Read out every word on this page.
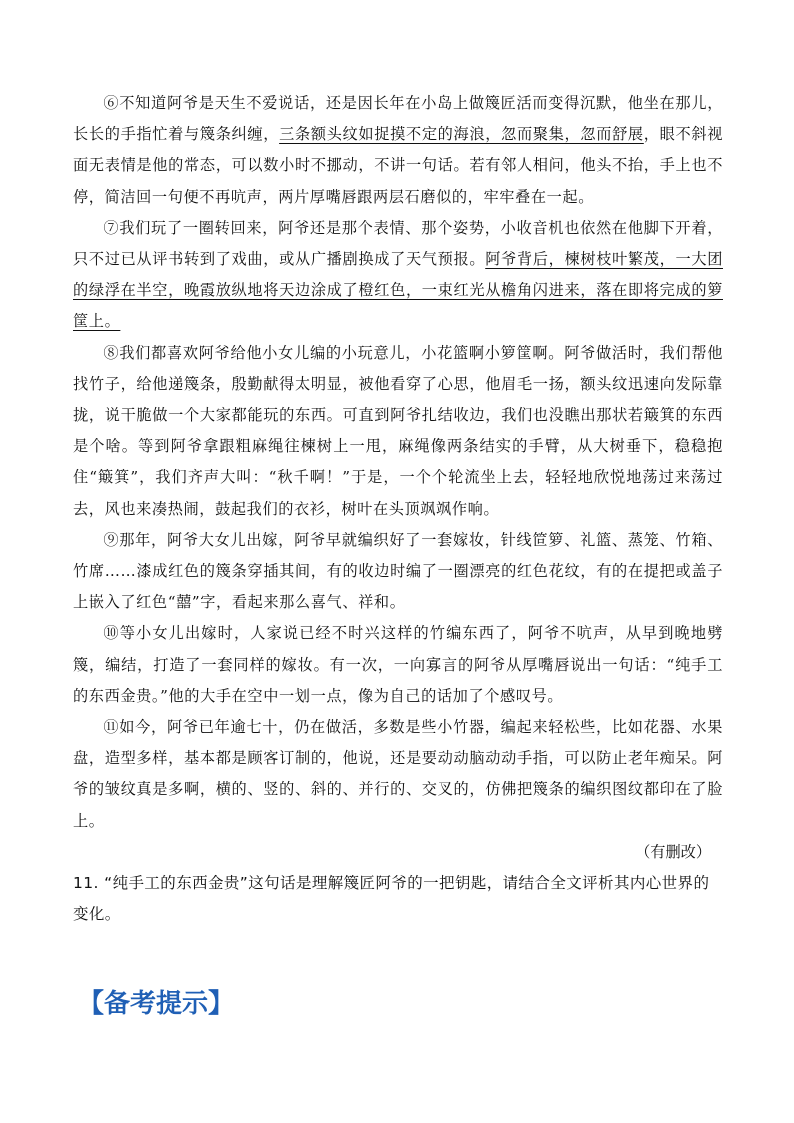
⑥不知道阿爷是天生不爱说话，还是因长年在小岛上做篾匠活而变得沉默，他坐在那儿，长长的手指忙着与篾条纠缠，三条额头纹如捉摸不定的海浪，忽而聚集，忽而舒展，眼不斜视面无表情是他的常态，可以数小时不挪动，不讲一句话。若有邻人相问，他头不抬，手上也不停，简洁回一句便不再吭声，两片厚嘴唇跟两层石磨似的，牢牢叠在一起。

⑦我们玩了一圈转回来，阿爷还是那个表情、那个姿势，小收音机也依然在他脚下开着，只不过已从评书转到了戏曲，或从广播剧换成了天气预报。阿爷背后，楝树枝叶繁茂，一大团的绿浮在半空，晚霞放纵地将天边涂成了橙红色，一束红光从檐角闪进来，落在即将完成的箩筐上。

⑧我们都喜欢阿爷给他小女儿编的小玩意儿，小花篮啊小箩筐啊。阿爷做活时，我们帮他找竹子，给他递篾条，殷勤献得太明显，被他看穿了心思，他眉毛一扬，额头纹迅速向发际靠拢，说干脆做一个大家都能玩的东西。可直到阿爷扎结收边，我们也没瞧出那状若簸箕的东西是个啥。等到阿爷拿跟粗麻绳往楝树上一甩，麻绳像两条结实的手臂，从大树垂下，稳稳抱住“簸箕”，我们齐声大叫：“秋千啊！”于是，一个个轮流坐上去，轻轻地欣悦地荡过来荡过去，风也来凑热闹，鼓起我们的衣衫，树叶在头顶飒飒作响。

⑨那年，阿爷大女儿出嫁，阿爷早就编织好了一套嫁妆，针线笸箩、礼篮、蒸笼、竹箱、竹席……漆成红色的篾条穿插其间，有的收边时编了一圈漂亮的红色花纹，有的在提把或盖子上嵌入了红色“囍”字，看起来那么喜气、祥和。

⑩等小女儿出嫁时，人家说已经不时兴这样的竹编东西了，阿爷不吭声，从早到晚地劈篾，编结，打造了一套同样的嫁妆。有一次，一向寡言的阿爷从厚嘴唇说出一句话：“纯手工的东西金贵。”他的大手在空中一划一点，像为自己的话加了个感叹号。

⑪如今，阿爷已年逾七十，仍在做活，多数是些小竹器，编起来轻松些，比如花器、水果盘，造型多样，基本都是顾客订制的，他说，还是要动动脑动动手指，可以防止老年痴呆。阿爷的皱纹真是多啊，横的、竖的、斜的、并行的、交叉的，仿佛把篾条的编织图纹都印在了脸上。

（有删改）

11. “纯手工的东西金贵”这句话是理解篾匠阿爷的一把钥匙，请结合全文评析其内心世界的变化。

【备考提示】
